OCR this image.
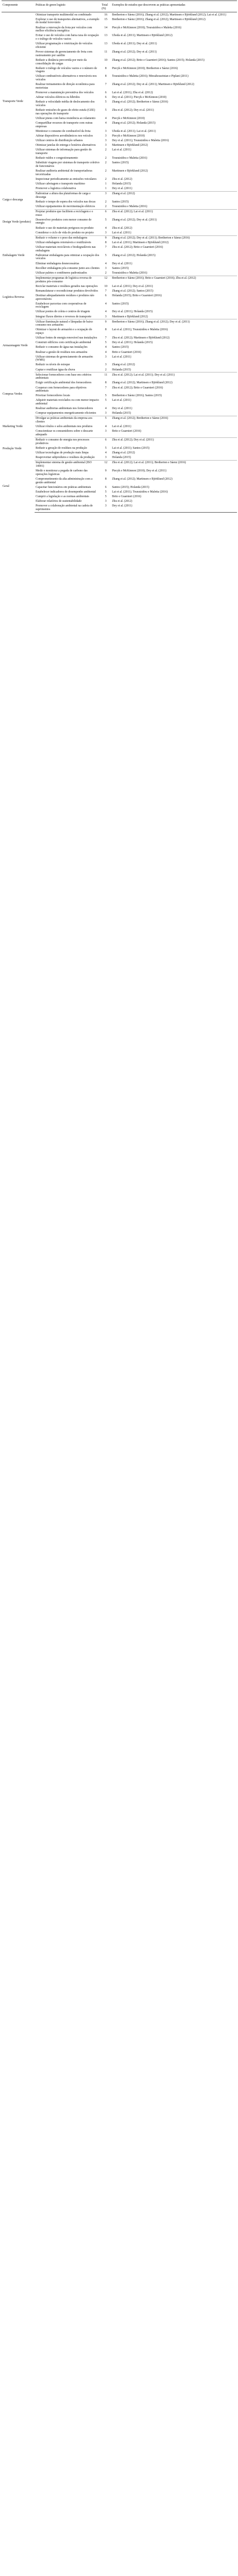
Componente	Práticas de green logistic	Total (N)	Exemplos de estudos que descrevem as práticas apresentadas

Transporte Verde	Otimizar transporte multimodal ou combinado	16	Bretherton e Sáenz (2016); Zhang et al. (2012); Martinsen e Björklund (2012); Lai et al. (2011)
	Explorar o uso de transportes alternativos, a exemplo do modal ferroviário	15	Bretherton e Sáenz (2016); Zhang et al. (2012); Martinsen e Björklund (2012)
	Realizar a renovação da frota por veículos com melhor eficiência energética	14	Piecyk e McKinnon (2010); Touratzidou e Maletta (2016)
	Evitar o uso de veículos com baixa taxa de ocupação e o tráfego de veículos vazios	13	Ubeda et al. (2011); Martinsen e Björklund (2012)
	Utilizar programação e roteirização de veículos eficiente	13	Ubeda et al. (2011); Dey et al. (2011)
	Prover sistemas de gerenciamento de frota com rastreamento por satélite	11	Zhang et al. (2012); Dey et al. (2011)
	Reduzir a distância percorrida por meio da consolidação de cargas	10	Zhang et al. (2012); Brito e Guarnieri (2016); Santos (2015); Holanda (2015)
	Reduzir o tráfego de veículos vazios e o número de viagens	8	Piecyk e McKinnon (2010); Bretherton e Sáenz (2016)
	Utilizar combustíveis alternativos e renováveis nos veículos	8	Touratzidou e Maletta (2016); Mirzahosseinian e Piplani (2011)
	Realizar treinamentos de direção econômica para motoristas	7	Zhang et al. (2012); Dey et al. (2011); Martinsen e Björklund (2012)
	Promover a manutenção preventiva dos veículos	6	Lai et al. (2011); Zhu et al. (2012)
	Adotar veículos elétricos ou híbridos	6	Dey et al. (2011); Piecyk e McKinnon (2010)
	Reduzir a velocidade média de deslocamento dos veículos	5	Zhang et al. (2012); Bretherton e Sáenz (2016)
	Reduzir emissões de gases de efeito estufa (GEE) nas operações de transporte	5	Zhu et al. (2012); Dey et al. (2011)
	Utilizar pneus com baixa resistência ao rolamento	4	Piecyk e McKinnon (2010)
	Compartilhar recursos de transporte com outras empresas	4	Zhang et al. (2012); Holanda (2015)
	Monitorar o consumo de combustível da frota	3	Ubeda et al. (2011); Lai et al. (2011)
	Adotar dispositivos aerodinâmicos nos veículos	3	Piecyk e McKinnon (2010)
	Utilizar centros de distribuição urbanos	3	Dey et al. (2011); Touratzidou e Maletta (2016)
	Otimizar janelas de entrega e horários alternativos	3	Martinsen e Björklund (2012)
	Utilizar sistemas de informação para gestão do transporte	2	Lai et al. (2011)
	Reduzir ruídos e congestionamento	2	Touratzidou e Maletta (2016)
	Substituir viagens por sistemas de transporte coletivo de funcionários	2	Santos (2015)
	Realizar auditoria ambiental de transportadoras terceirizadas	2	Martinsen e Björklund (2012)
	Inspecionar periodicamente as emissões veiculares	2	Zhu et al. (2012)
	Utilizar cabotagem e transporte marítimo	1	Holanda (2015)
	Promover a logística colaborativa	1	Dey et al. (2011)

Carga e descarga	Padronizar a altura das plataformas de carga e descarga	3	Zhang et al. (2012)
	Reduzir o tempo de espera dos veículos nas docas	2	Santos (2015)
	Utilizar equipamentos de movimentação elétricos	2	Touratzidou e Maletta (2016)

Design Verde (produto)	Projetar produtos que facilitem a reciclagem e o reuso	6	Zhu et al. (2012); Lai et al. (2011)
	Desenvolver produtos com menor consumo de energia	5	Zhang et al. (2012); Dey et al. (2011)
	Reduzir o uso de materiais perigosos no produto	4	Zhu et al. (2012)
	Considerar o ciclo de vida do produto no projeto	3	Lai et al. (2011)

Embalagem Verde	Reduzir o volume e o peso das embalagens	9	Zhang et al. (2012); Dey et al. (2011); Bretherton e Sáenz (2016)
	Utilizar embalagens retornáveis e reutilizáveis	8	Lai et al. (2011); Martinsen e Björklund (2012)
	Utilizar materiais recicláveis e biodegradáveis nas embalagens	7	Zhu et al. (2012); Brito e Guarnieri (2016)
	Padronizar embalagens para otimizar a ocupação dos veículos	5	Zhang et al. (2012); Holanda (2015)
	Eliminar embalagens desnecessárias	4	Dey et al. (2011)
	Recolher embalagens pós-consumo junto aos clientes	3	Santos (2015)
	Utilizar paletes e contêineres padronizados	2	Touratzidou e Maletta (2016)

Logística Reversa	Implementar programas de logística reversa de produtos pós-consumo	12	Bretherton e Sáenz (2016); Brito e Guarnieri (2016); Zhu et al. (2012)
	Reciclar materiais e resíduos gerados nas operações	10	Lai et al. (2011); Dey et al. (2011)
	Remanufaturar e recondicionar produtos devolvidos	7	Zhang et al. (2012); Santos (2015)
	Destinar adequadamente resíduos e produtos não aproveitáveis	6	Holanda (2015); Brito e Guarnieri (2016)
	Estabelecer parcerias com cooperativas de reciclagem	4	Santos (2015)
	Utilizar pontos de coleta e centros de triagem	4	Dey et al. (2011); Holanda (2015)
	Integrar fluxos diretos e reversos de transporte	3	Martinsen e Björklund (2012)

Armazenagem Verde	Utilizar iluminação natural e lâmpadas de baixo consumo nos armazéns	9	Bretherton e Sáenz (2016); Zhang et al. (2012); Dey et al. (2011)
	Otimizar o layout do armazém e a ocupação do espaço	8	Lai et al. (2011); Touratzidou e Maletta (2016)
	Utilizar fontes de energia renovável nas instalações	7	Zhu et al. (2012); Martinsen e Björklund (2012)
	Construir edifícios com certificação ambiental	5	Dey et al. (2011); Holanda (2015)
	Reduzir o consumo de água nas instalações	4	Santos (2015)
	Realizar a gestão de resíduos nos armazéns	4	Brito e Guarnieri (2016)
	Utilizar sistemas de gerenciamento de armazém (WMS)	3	Lai et al. (2011)
	Reduzir os níveis de estoque	3	Zhang et al. (2012)
	Captar e reutilizar água da chuva	2	Holanda (2015)

Compras Verdes	Selecionar fornecedores com base em critérios ambientais	11	Zhu et al. (2012); Lai et al. (2011); Dey et al. (2011)
	Exigir certificação ambiental dos fornecedores	8	Zhang et al. (2012); Martinsen e Björklund (2012)
	Cooperar com fornecedores para objetivos ambientais	7	Zhu et al. (2012); Brito e Guarnieri (2016)
	Priorizar fornecedores locais	5	Bretherton e Sáenz (2016); Santos (2015)
	Adquirir materiais reciclados ou com menor impacto ambiental	5	Lai et al. (2011)
	Realizar auditorias ambientais nos fornecedores	4	Dey et al. (2011)
	Comprar equipamentos energeticamente eficientes	3	Holanda (2015)

Marketing Verde	Divulgar as práticas ambientais da empresa aos clientes	5	Zhang et al. (2012); Bretherton e Sáenz (2016)
	Utilizar rótulos e selos ambientais nos produtos	4	Lai et al. (2011)
	Conscientizar os consumidores sobre o descarte adequado	3	Brito e Guarnieri (2016)

Produção Verde	Reduzir o consumo de energia nos processos produtivos	6	Zhu et al. (2012); Dey et al. (2011)
	Reduzir a geração de resíduos na produção	5	Lai et al. (2011); Santos (2015)
	Utilizar tecnologias de produção mais limpa	4	Zhang et al. (2012)
	Reaproveitar subprodutos e resíduos da produção	3	Holanda (2015)

Geral	Implementar sistema de gestão ambiental (ISO 14001)	12	Zhu et al. (2012); Lai et al. (2011); Bretherton e Sáenz (2016)
	Medir e monitorar a pegada de carbono das operações logísticas	9	Piecyk e McKinnon (2010); Dey et al. (2011)
	Comprometimento da alta administração com a gestão ambiental	8	Zhang et al. (2012); Martinsen e Björklund (2012)
	Capacitar funcionários em práticas ambientais	6	Santos (2015); Holanda (2015)
	Estabelecer indicadores de desempenho ambiental	5	Lai et al. (2011); Touratzidou e Maletta (2016)
	Cumprir a legislação e as normas ambientais	5	Brito e Guarnieri (2016)
	Elaborar relatórios de sustentabilidade	3	Zhu et al. (2012)
	Promover a colaboração ambiental na cadeia de suprimentos	3	Dey et al. (2011)
